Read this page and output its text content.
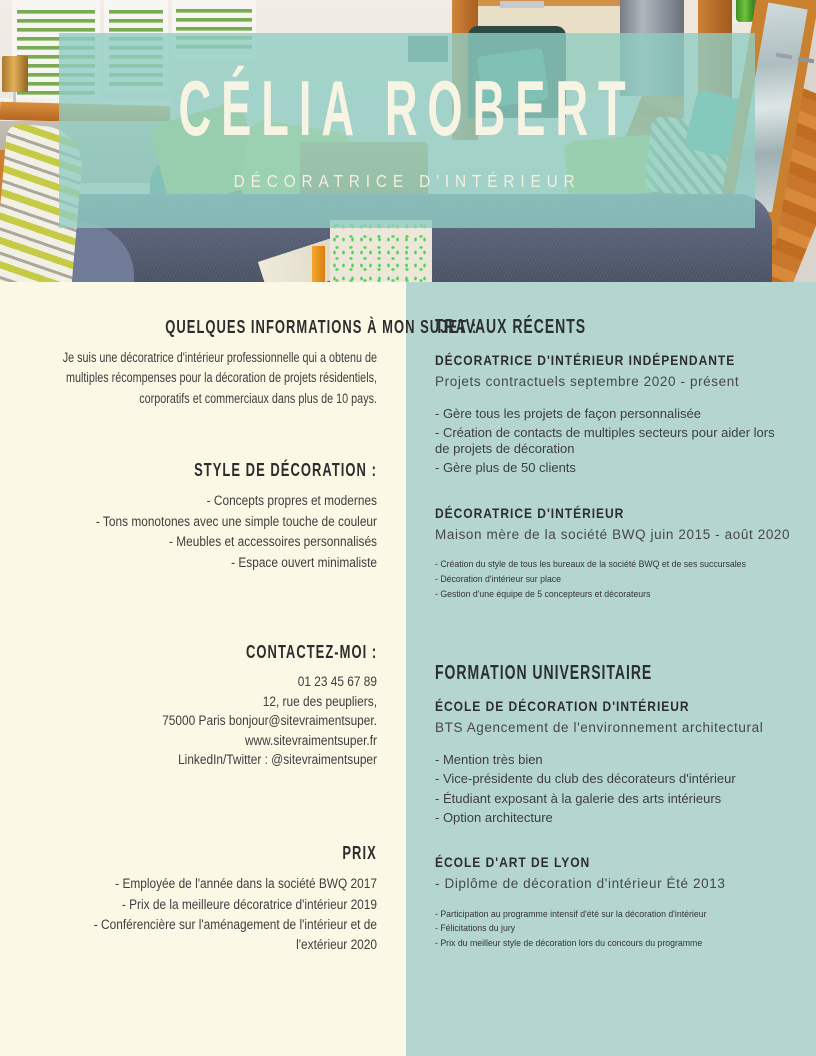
CÉLIA ROBERT
DÉCORATRICE D'INTÉRIEUR
QUELQUES INFORMATIONS À MON SUJET :

Je suis une décoratrice d'intérieur professionnelle qui a obtenu de multiples récompenses pour la décoration de projets résidentiels, corporatifs et commerciaux dans plus de 10 pays.

STYLE DE DÉCORATION :
- Concepts propres et modernes
- Tons monotones avec une simple touche de couleur
- Meubles et accessoires personnalisés
- Espace ouvert minimaliste
CONTACTEZ-MOI :
01 23 45 67 89
12, rue des peupliers,
75000 Paris bonjour@sitevraimentsuper.
www.sitevraimentsuper.fr
LinkedIn/Twitter : @sitevraimentsuper
PRIX
- Employée de l'année dans la société BWQ 2017
- Prix de la meilleure décoratrice d'intérieur 2019
- Conférencière sur l'aménagement de l'intérieur et de l'extérieur 2020
TRAVAUX RÉCENTS
DÉCORATRICE D'INTÉRIEUR INDÉPENDANTE
Projets contractuels septembre 2020 - présent
- Gère tous les projets de façon personnalisée
- Création de contacts de multiples secteurs pour aider lors de projets de décoration
- Gère plus de 50 clients
DÉCORATRICE D'INTÉRIEUR
Maison mère de la société BWQ juin 2015 - août 2020
- Création du style de tous les bureaux de la société BWQ et de ses succursales
- Décoration d'intérieur sur place
- Gestion d'une équipe de 5 concepteurs et décorateurs
FORMATION UNIVERSITAIRE
ÉCOLE DE DÉCORATION D'INTÉRIEUR
BTS Agencement de l'environnement architectural
- Mention très bien
- Vice-présidente du club des décorateurs d'intérieur
- Étudiant exposant à la galerie des arts intérieurs
- Option architecture
ÉCOLE D'ART DE LYON
- Diplôme de décoration d'intérieur Été 2013
- Participation au programme intensif d'été sur la décoration d'intérieur
- Félicitations du jury
- Prix du meilleur style de décoration lors du concours du programme
